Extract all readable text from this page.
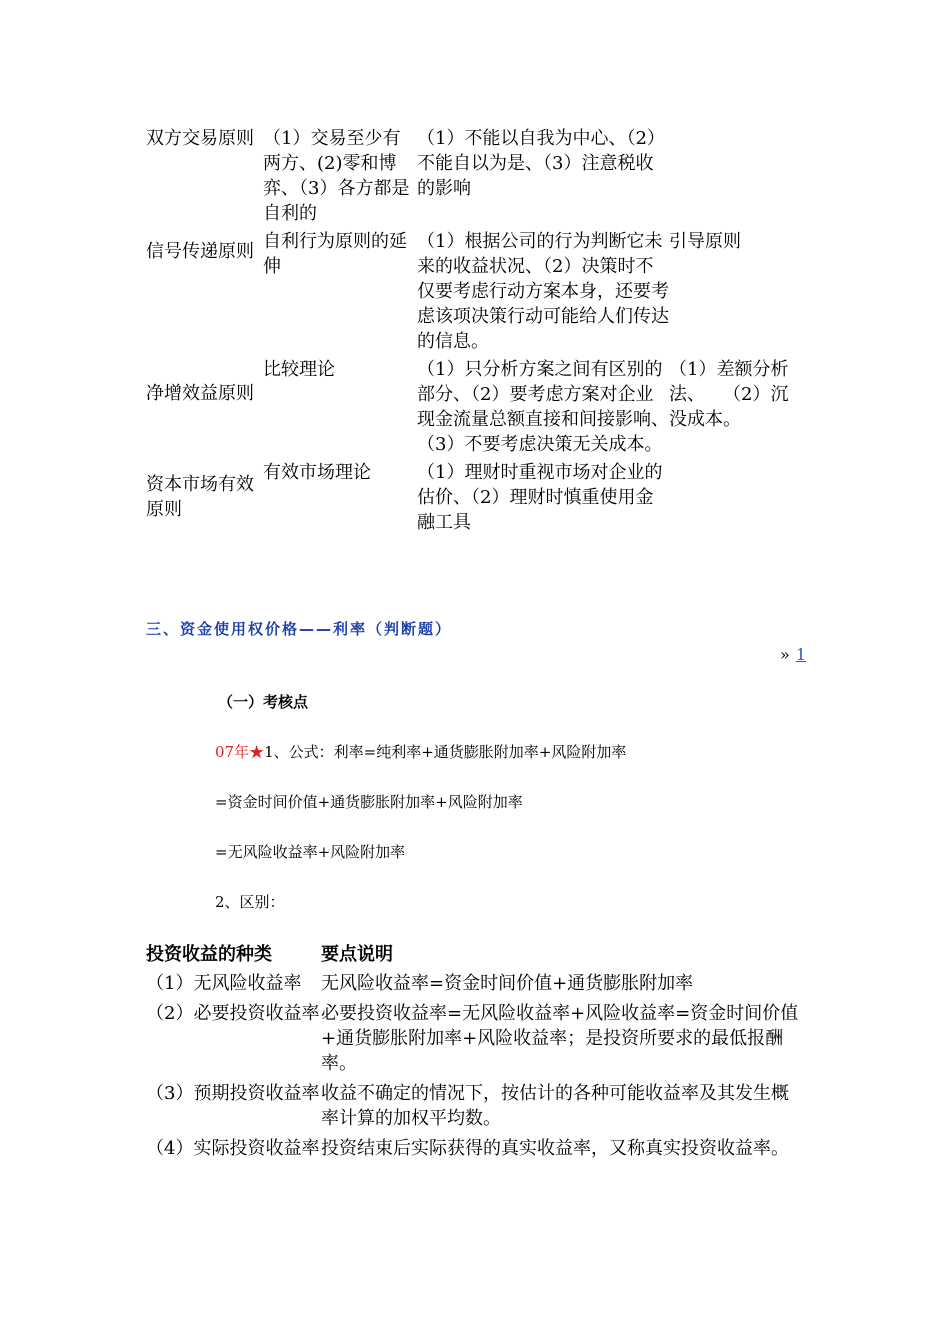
双方交易原则	（1）交易至少有两方、(2)零和博弈、（3）各方都是自利的	（1）不能以自我为中心、（2）不能自以为是、（3）注意税收的影响	
信号传递原则	自利行为原则的延伸	（1）根据公司的行为判断它未来的收益状况、（2）决策时不仅要考虑行动方案本身，还要考虑该项决策行动可能给人们传达的信息。	引导原则
净增效益原则	比较理论	（1）只分析方案之间有区别的部分、（2）要考虑方案对企业现金流量总额直接和间接影响、（3）不要考虑决策无关成本。	（1）差额分析法、　　（2）沉没成本。
资本市场有效原则	有效市场理论	（1）理财时重视市场对企业的估价、（2）理财时慎重使用金融工具	
三、资金使用权价格——利率（判断题）
» 1
（一）考核点
07年★1、公式：利率=纯利率+通货膨胀附加率+风险附加率
=资金时间价值+通货膨胀附加率+风险附加率
=无风险收益率+风险附加率
2、区别：
投资收益的种类	要点说明
（1）无风险收益率	无风险收益率=资金时间价值+通货膨胀附加率
（2）必要投资收益率	必要投资收益率=无风险收益率+风险收益率=资金时间价值+通货膨胀附加率+风险收益率；是投资所要求的最低报酬率。
（3）预期投资收益率	收益不确定的情况下，按估计的各种可能收益率及其发生概率计算的加权平均数。
（4）实际投资收益率	投资结束后实际获得的真实收益率，又称真实投资收益率。
